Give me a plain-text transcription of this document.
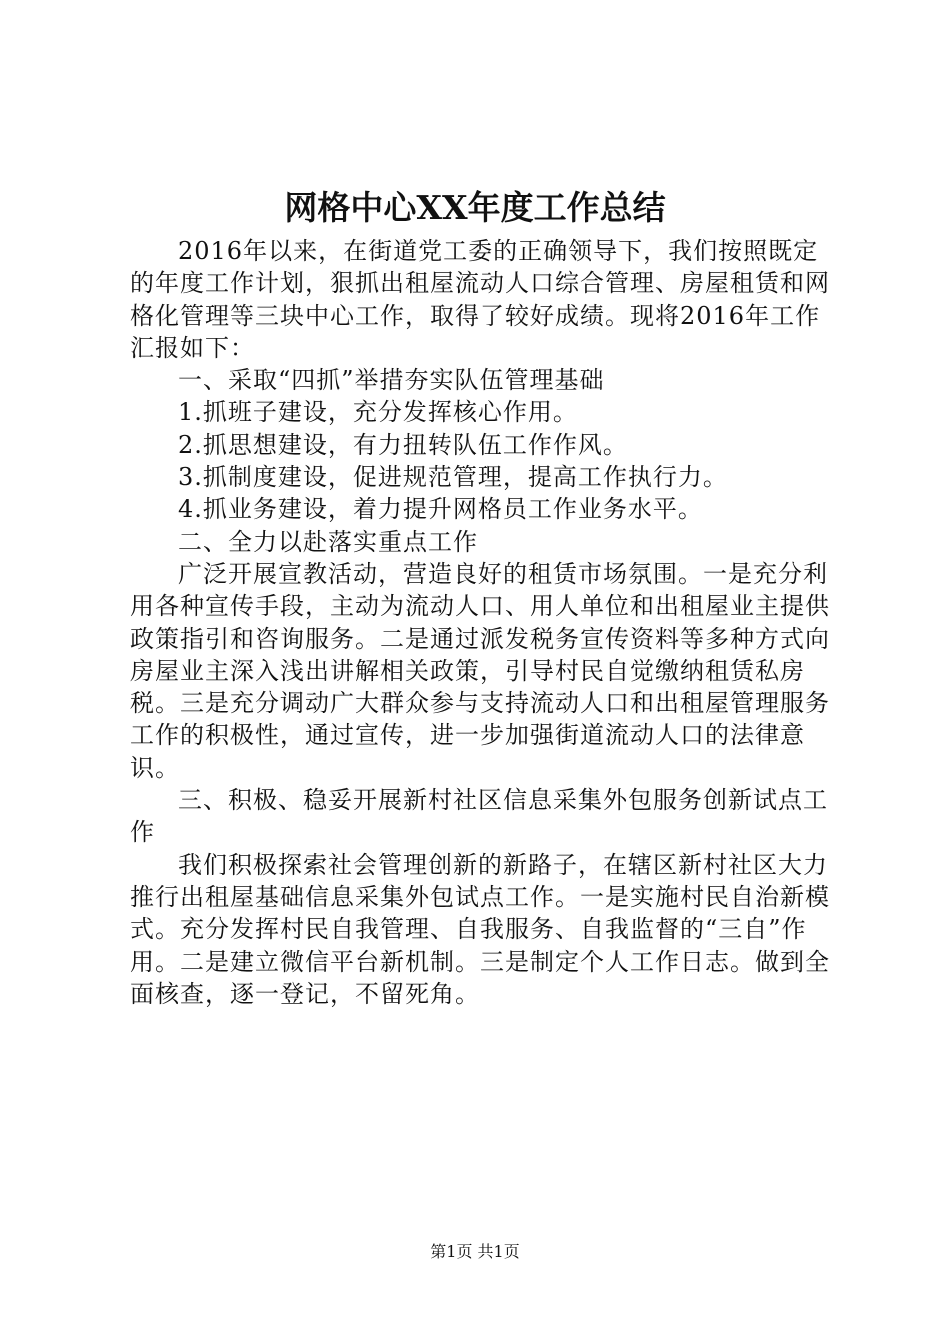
网格中心XX年度工作总结

2016年以来，在街道党工委的正确领导下，我们按照既定的年度工作计划，狠抓出租屋流动人口综合管理、房屋租赁和网格化管理等三块中心工作，取得了较好成绩。现将2016年工作汇报如下：

一、采取“四抓”举措夯实队伍管理基础

1.抓班子建设，充分发挥核心作用。

2.抓思想建设，有力扭转队伍工作作风。

3.抓制度建设，促进规范管理，提高工作执行力。

4.抓业务建设，着力提升网格员工作业务水平。

二、全力以赴落实重点工作

广泛开展宣教活动，营造良好的租赁市场氛围。一是充分利用各种宣传手段，主动为流动人口、用人单位和出租屋业主提供政策指引和咨询服务。二是通过派发税务宣传资料等多种方式向房屋业主深入浅出讲解相关政策，引导村民自觉缴纳租赁私房税。三是充分调动广大群众参与支持流动人口和出租屋管理服务工作的积极性，通过宣传，进一步加强街道流动人口的法律意识。

三、积极、稳妥开展新村社区信息采集外包服务创新试点工作

我们积极探索社会管理创新的新路子，在辖区新村社区大力推行出租屋基础信息采集外包试点工作。一是实施村民自治新模式。充分发挥村民自我管理、自我服务、自我监督的“三自”作用。二是建立微信平台新机制。三是制定个人工作日志。做到全面核查，逐一登记，不留死角。

第1页 共1页
